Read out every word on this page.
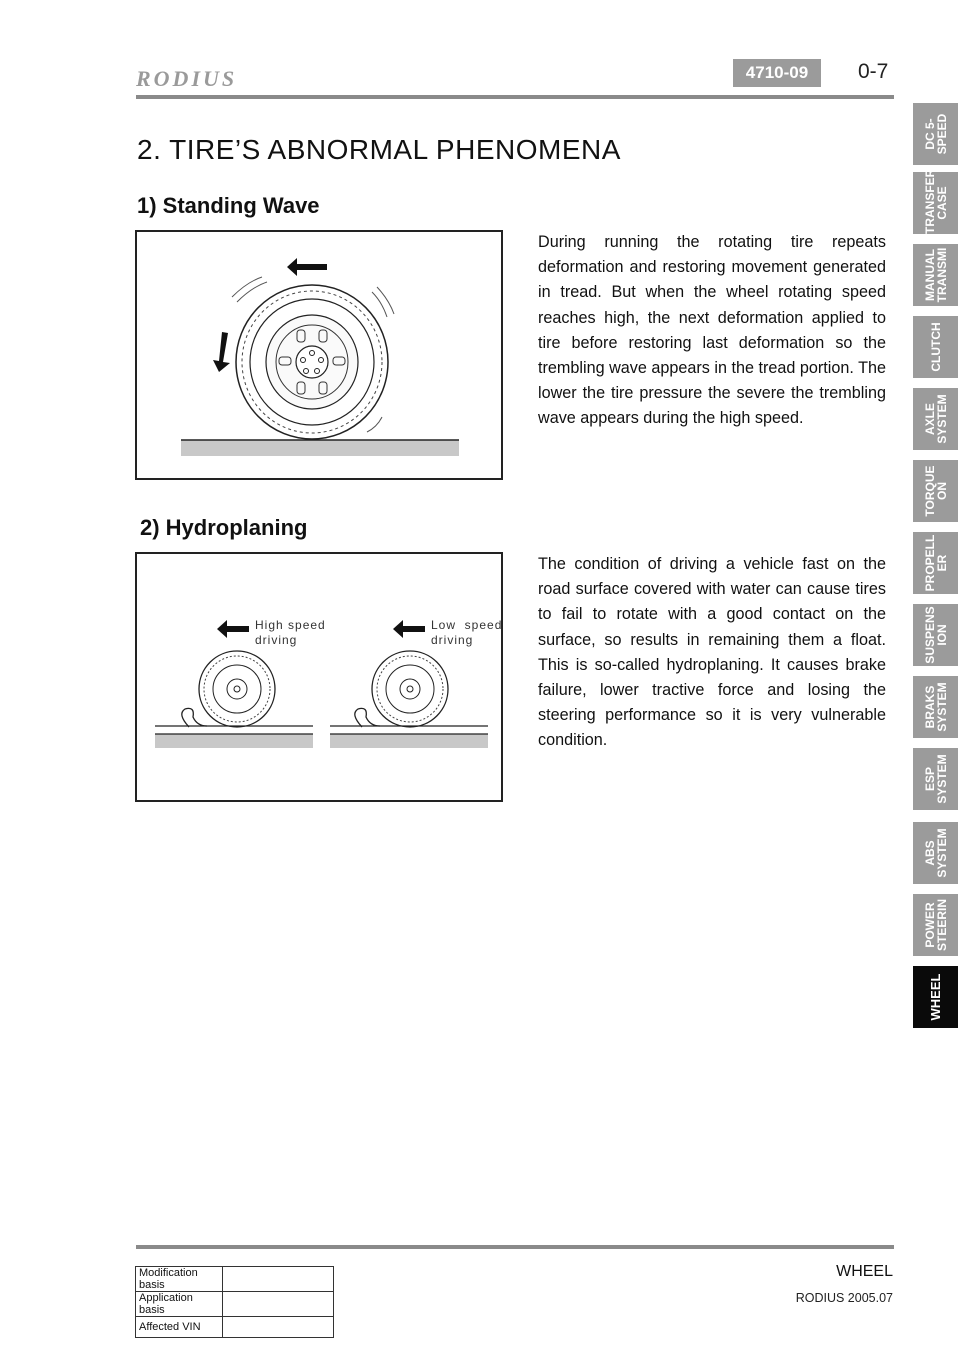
RODIUS	4710-09	0-7
2. TIRE’S ABNORMAL PHENOMENA
1) Standing Wave
During running the rotating tire repeats deformation and restoring movement generated in tread. But when the wheel rotating speed reaches high, the next deformation applied to tire before restoring last deformation so the trembling wave appears in the tread portion. The lower the tire pressure the severe the trembling wave appears during the high speed.
2) Hydroplaning
High speed
driving
Low  speed
driving
The condition of driving a vehicle fast on the road surface covered with water can cause tires to fail to rotate with a good contact on the surface, so results in remaining them a float. This is so-called hydroplaning. It causes brake failure, lower tractive force and losing the steering performance so it is very vulnerable condition.
DC 5-SPEED
TRANSFER CASE
MANUAL TRANSMI
CLUTCH
AXLE SYSTEM
TORQUE ON
PROPELL ER
SUSPENS ION
BRAKS SYSTEM
ESP SYSTEM
ABS SYSTEM
POWER STEERIN
WHEEL
WHEEL
RODIUS 2005.07
Modification basis	
Application basis	
Affected VIN	
